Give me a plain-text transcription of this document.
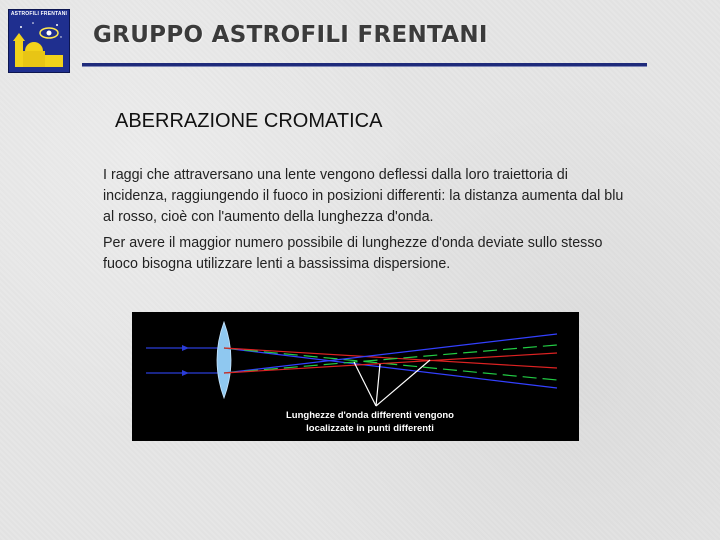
ASTROFILI FRENTANI
GRUPPO ASTROFILI FRENTANI
ABERRAZIONE CROMATICA
I raggi che attraversano una lente vengono deflessi dalla loro traiettoria di incidenza, raggiungendo il fuoco in posizioni differenti: la distanza aumenta dal blu al rosso, cioè con l'aumento della lunghezza d'onda.
Per avere il maggior numero possibile di lunghezze d'onda deviate sullo stesso fuoco bisogna utilizzare lenti a bassissima dispersione.
Lunghezze d'onda differenti vengono
localizzate in punti differenti
